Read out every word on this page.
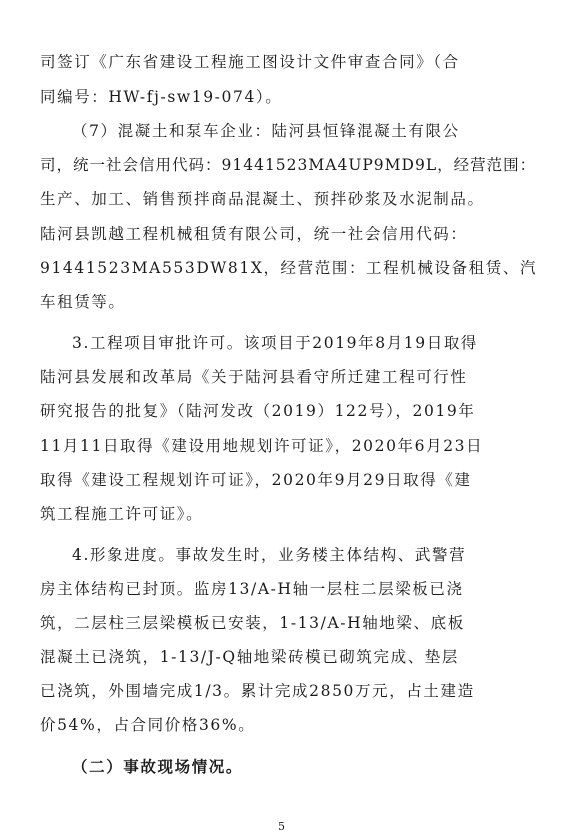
司签订《广东省建设工程施工图设计文件审查合同》（合
同编号：HW-fj-sw19-074）。
（7）混凝土和泵车企业：陆河县恒锋混凝土有限公
司，统一社会信用代码：91441523MA4UP9MD9L，经营范围：
生产、加工、销售预拌商品混凝土、预拌砂浆及水泥制品。
陆河县凯越工程机械租赁有限公司，统一社会信用代码：
91441523MA553DW81X，经营范围：工程机械设备租赁、汽
车租赁等。
3.工程项目审批许可。该项目于2019年8月19日取得
陆河县发展和改革局《关于陆河县看守所迁建工程可行性
研究报告的批复》（陆河发改（2019）122号），2019年
11月11日取得《建设用地规划许可证》，2020年6月23日
取得《建设工程规划许可证》，2020年9月29日取得《建
筑工程施工许可证》。
4.形象进度。事故发生时，业务楼主体结构、武警营
房主体结构已封顶。监房13/A-H轴一层柱二层梁板已浇
筑，二层柱三层梁模板已安装，1-13/A-H轴地梁、底板
混凝土已浇筑，1-13/J-Q轴地梁砖模已砌筑完成、垫层
已浇筑，外围墙完成1/3。累计完成2850万元，占土建造
价54%，占合同价格36%。
（二）事故现场情况。
5
